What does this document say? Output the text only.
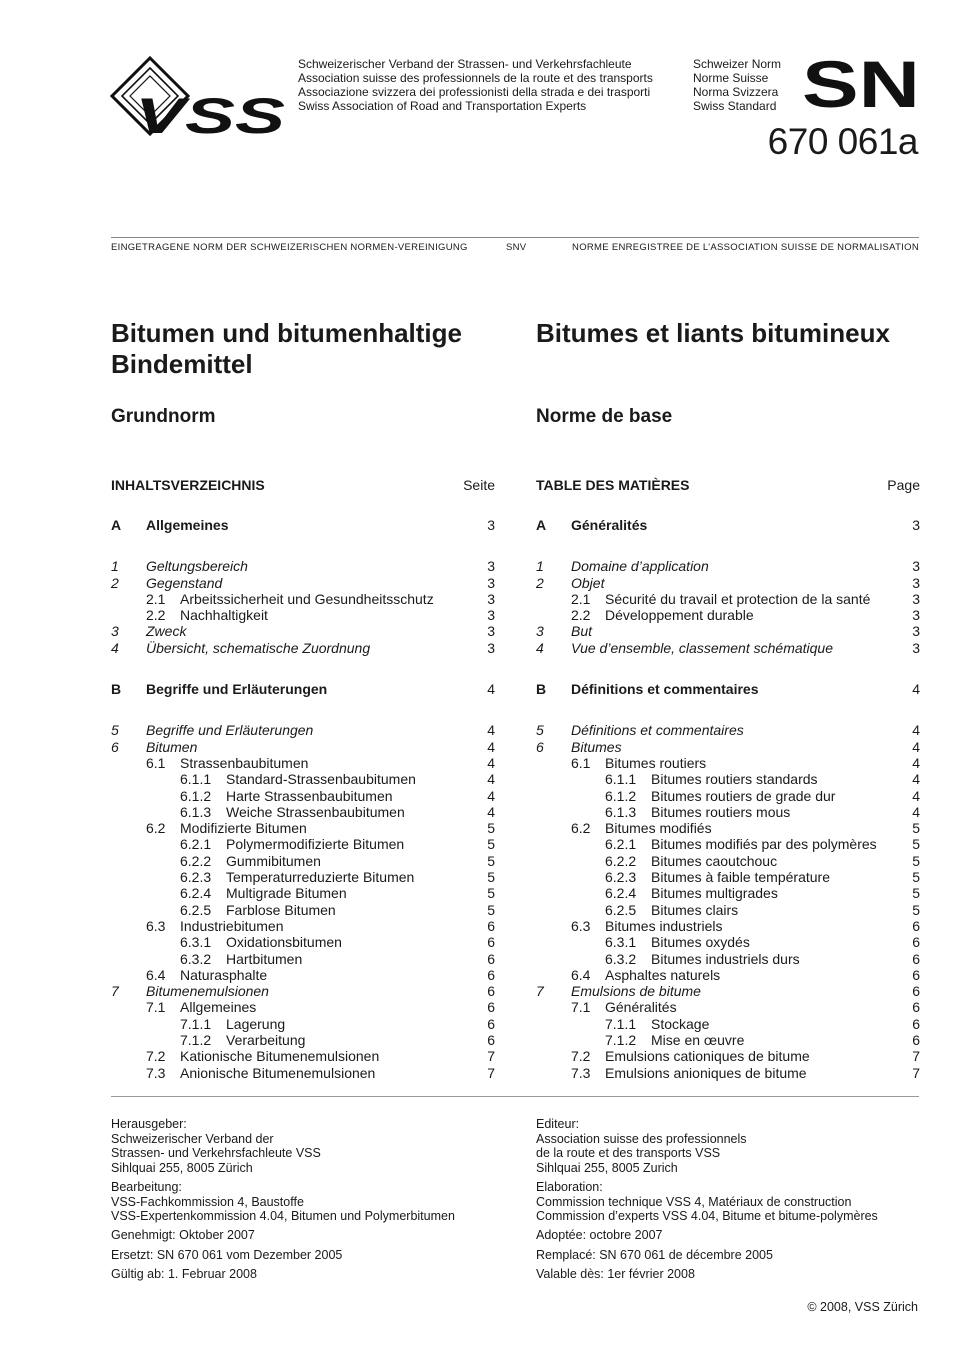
VSS
Schweizerischer Verband der Strassen- und Verkehrsfachleute
Association suisse des professionnels de la route et des transports
Associazione svizzera dei professionisti della strada e dei trasporti
Swiss Association of Road and Transportation Experts
Schweizer Norm
Norme Suisse
Norma Svizzera
Swiss Standard SN
670 061a
EINGETRAGENE NORM DER SCHWEIZERISCHEN NORMEN-VEREINIGUNG	SNV	NORME ENREGISTREE DE L’ASSOCIATION SUISSE DE NORMALISATION
Bitumen und bitumenhaltige
Bindemittel
Bitumes et liants bitumineux
Grundnorm	Norme de base
INHALTSVERZEICHNIS	Seite	TABLE DES MATIÈRES	Page
A Allgemeines	3
1 Geltungsbereich	3
2 Gegenstand	3
2.1 Arbeitssicherheit und Gesundheitsschutz	3
2.2 Nachhaltigkeit	3
3 Zweck	3
4 Übersicht, schematische Zuordnung	3
B Begriffe und Erläuterungen	4
5 Begriffe und Erläuterungen	4
6 Bitumen	4
6.1 Strassenbaubitumen	4
6.1.1 Standard-Strassenbaubitumen	4
6.1.2 Harte Strassenbaubitumen	4
6.1.3 Weiche Strassenbaubitumen	4
6.2 Modifizierte Bitumen	5
6.2.1 Polymermodifizierte Bitumen	5
6.2.2 Gummibitumen	5
6.2.3 Temperaturreduzierte Bitumen	5
6.2.4 Multigrade Bitumen	5
6.2.5 Farblose Bitumen	5
6.3 Industriebitumen	6
6.3.1 Oxidationsbitumen	6
6.3.2 Hartbitumen	6
6.4 Naturasphalte	6
7 Bitumenemulsionen	6
7.1 Allgemeines	6
7.1.1 Lagerung	6
7.1.2 Verarbeitung	6
7.2 Kationische Bitumenemulsionen	7
7.3 Anionische Bitumenemulsionen	7
A Généralités	3
1 Domaine d’application	3
2 Objet	3
2.1 Sécurité du travail et protection de la santé	3
2.2 Développement durable	3
3 But	3
4 Vue d’ensemble, classement schématique	3
B Définitions et commentaires	4
5 Définitions et commentaires	4
6 Bitumes	4
6.1 Bitumes routiers	4
6.1.1 Bitumes routiers standards	4
6.1.2 Bitumes routiers de grade dur	4
6.1.3 Bitumes routiers mous	4
6.2 Bitumes modifiés	5
6.2.1 Bitumes modifiés par des polymères	5
6.2.2 Bitumes caoutchouc	5
6.2.3 Bitumes à faible température	5
6.2.4 Bitumes multigrades	5
6.2.5 Bitumes clairs	5
6.3 Bitumes industriels	6
6.3.1 Bitumes oxydés	6
6.3.2 Bitumes industriels durs	6
6.4 Asphaltes naturels	6
7 Emulsions de bitume	6
7.1 Généralités	6
7.1.1 Stockage	6
7.1.2 Mise en œuvre	6
7.2 Emulsions cationiques de bitume	7
7.3 Emulsions anioniques de bitume	7

Herausgeber:
Schweizerischer Verband der
Strassen- und Verkehrsfachleute VSS
Sihlquai 255, 8005 Zürich

Bearbeitung:
VSS-Fachkommission 4, Baustoffe
VSS-Expertenkommission 4.04, Bitumen und Polymerbitumen

Genehmigt: Oktober 2007

Ersetzt: SN 670 061 vom Dezember 2005

Gültig ab: 1. Februar 2008

Editeur:
Association suisse des professionnels
de la route et des transports VSS
Sihlquai 255, 8005 Zurich

Elaboration:
Commission technique VSS 4, Matériaux de construction
Commission d’experts VSS 4.04, Bitume et bitume-polymères

Adoptée: octobre 2007

Remplacé: SN 670 061 de décembre 2005

Valable dès: 1er février 2008

© 2008, VSS Zürich
